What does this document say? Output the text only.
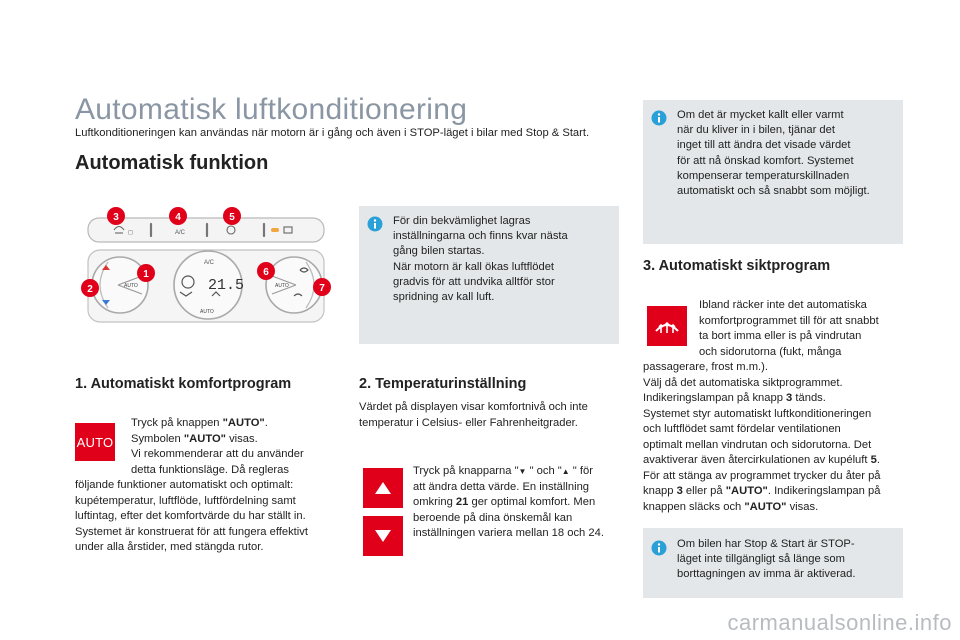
Automatisk luftkonditionering
Luftkonditioneringen kan användas när motorn är i gång och även i STOP-läget i bilar med Stop & Start.
Automatisk funktion
A/C
◻
AUTO
A/C
21.5
AUTO
AUTO
3	4	5
1
2
6
7
För din bekvämlighet lagras
inställningarna och finns kvar nästa
gång bilen startas.
När motorn är kall ökas luftflödet
gradvis för att undvika alltför stor
spridning av kall luft.
1. Automatiskt komfortprogram
AUTO
Tryck på knappen "AUTO".
Symbolen "AUTO" visas.
Vi rekommenderar att du använder
detta funktionsläge. Då regleras
följande funktioner automatiskt och optimalt:
kupétemperatur, luftflöde, luftfördelning samt
luftintag, efter det komfortvärde du har ställt in.
Systemet är konstruerat för att fungera effektivt
under alla årstider, med stängda rutor.
2. Temperaturinställning
Värdet på displayen visar komfortnivå och inte
temperatur i Celsius- eller Fahrenheitgrader.
Tryck på knapparna "▼ " och "▲ " för
att ändra detta värde. En inställning
omkring 21 ger optimal komfort. Men
beroende på dina önskemål kan
inställningen variera mellan 18 och 24.
Om det är mycket kallt eller varmt
när du kliver in i bilen, tjänar det
inget till att ändra det visade värdet
för att nå önskad komfort. Systemet
kompenserar temperaturskillnaden
automatiskt och så snabbt som möjligt.
3. Automatiskt siktprogram
Ibland räcker inte det automatiska
komfortprogrammet till för att snabbt
ta bort imma eller is på vindrutan
och sidorutorna (fukt, många
passagerare, frost m.m.).
Välj då det automatiska siktprogrammet.
Indikeringslampan på knapp 3 tänds.
Systemet styr automatiskt luftkonditioneringen
och luftflödet samt fördelar ventilationen
optimalt mellan vindrutan och sidorutorna. Det
avaktiverar även återcirkulationen av kupéluft 5.
För att stänga av programmet trycker du åter på
knapp 3 eller på "AUTO". Indikeringslampan på
knappen släcks och "AUTO" visas.
Om bilen har Stop & Start är STOP-
läget inte tillgängligt så länge som
borttagningen av imma är aktiverad.
carmanualsonline.info
